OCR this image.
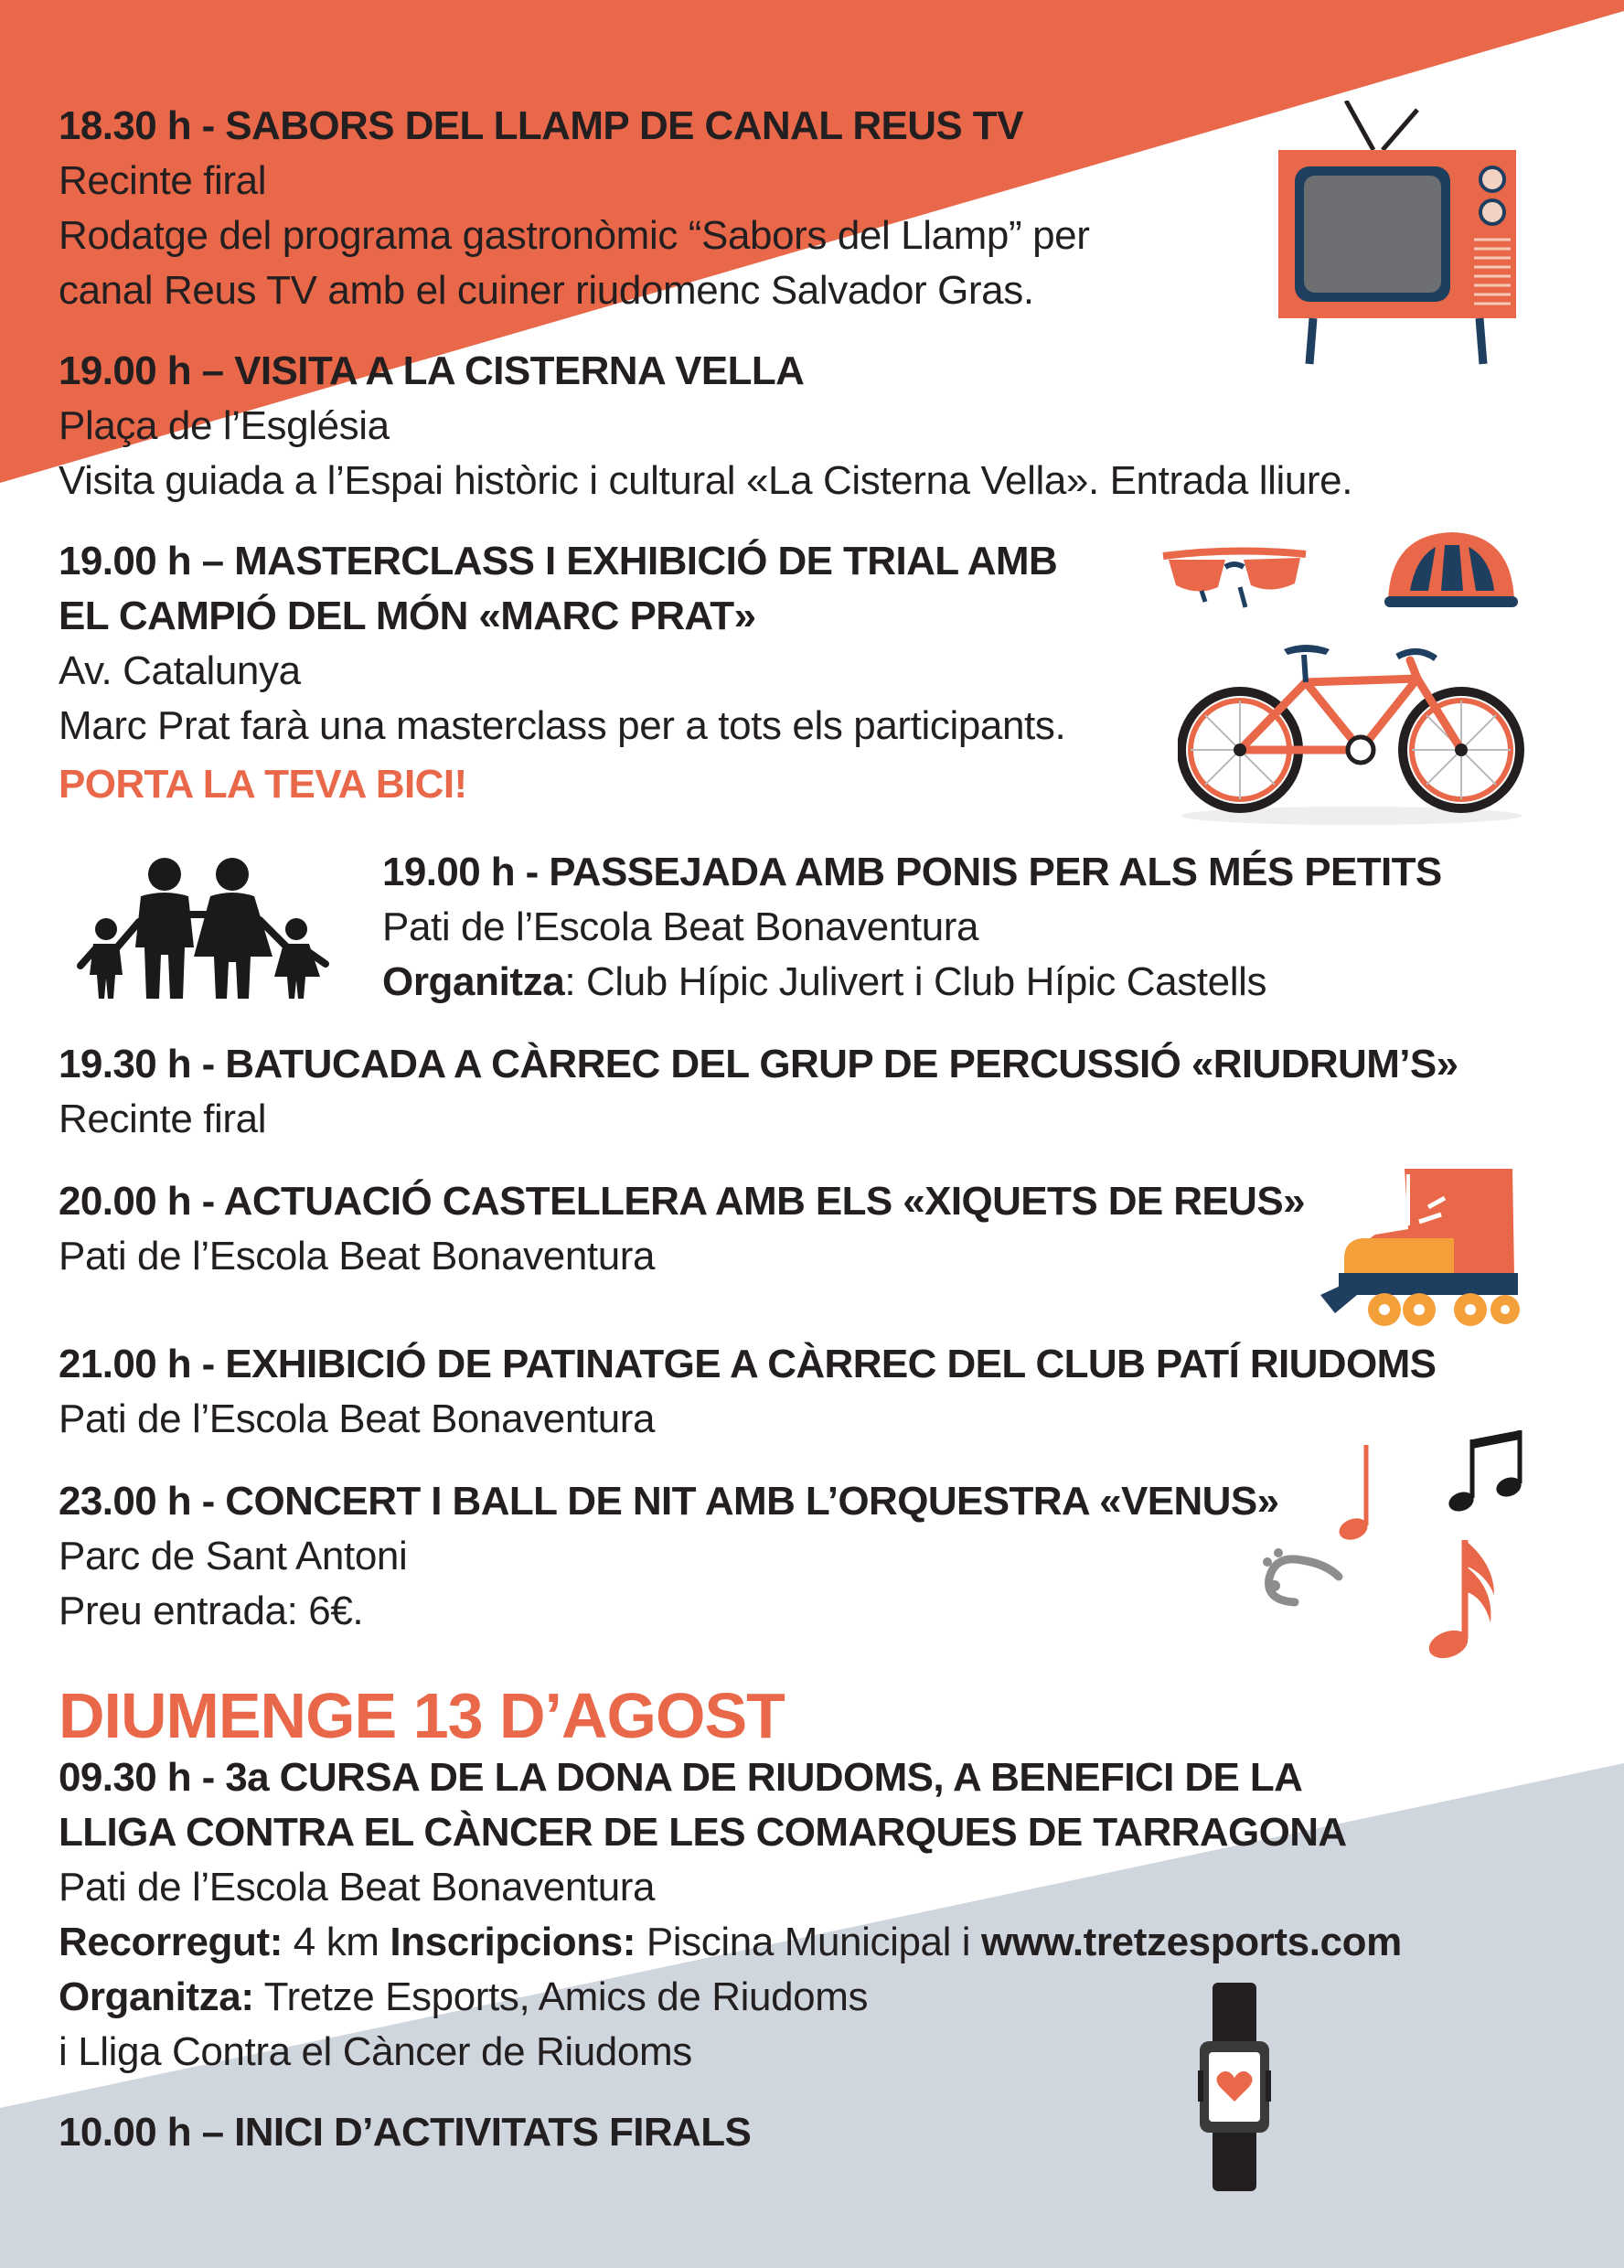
18.30 h - SABORS DEL LLAMP DE CANAL REUS TV
Recinte firal
Rodatge del programa gastronòmic “Sabors del Llamp” per
canal Reus TV amb el cuiner riudomenc Salvador Gras.
19.00 h – VISITA A LA CISTERNA VELLA
Plaça de l’Església
Visita guiada a l’Espai històric i cultural «La Cisterna Vella». Entrada lliure.
19.00 h – MASTERCLASS I EXHIBICIÓ DE TRIAL AMB
EL CAMPIÓ DEL MÓN «MARC PRAT»
Av. Catalunya
Marc Prat farà una masterclass per a tots els participants.
PORTA LA TEVA BICI!
19.00 h - PASSEJADA AMB PONIS PER ALS MÉS PETITS
Pati de l’Escola Beat Bonaventura
Organitza: Club Hípic Julivert i Club Hípic Castells
19.30 h - BATUCADA A CÀRREC DEL GRUP DE PERCUSSIÓ «RIUDRUM’S»
Recinte firal
20.00 h - ACTUACIÓ CASTELLERA AMB ELS «XIQUETS DE REUS»
Pati de l’Escola Beat Bonaventura
21.00 h - EXHIBICIÓ DE PATINATGE A CÀRREC DEL CLUB PATÍ RIUDOMS
Pati de l’Escola Beat Bonaventura
23.00 h - CONCERT I BALL DE NIT AMB L’ORQUESTRA «VENUS»
Parc de Sant Antoni
Preu entrada: 6€.
DIUMENGE 13 D’AGOST
09.30 h - 3a CURSA DE LA DONA DE RIUDOMS, A BENEFICI DE LA
LLIGA CONTRA EL CÀNCER DE LES COMARQUES DE TARRAGONA
Pati de l’Escola Beat Bonaventura
Recorregut: 4 km Inscripcions: Piscina Municipal i www.tretzesports.com
Organitza: Tretze Esports, Amics de Riudoms
i Lliga Contra el Càncer de Riudoms
10.00 h – INICI D’ACTIVITATS FIRALS
